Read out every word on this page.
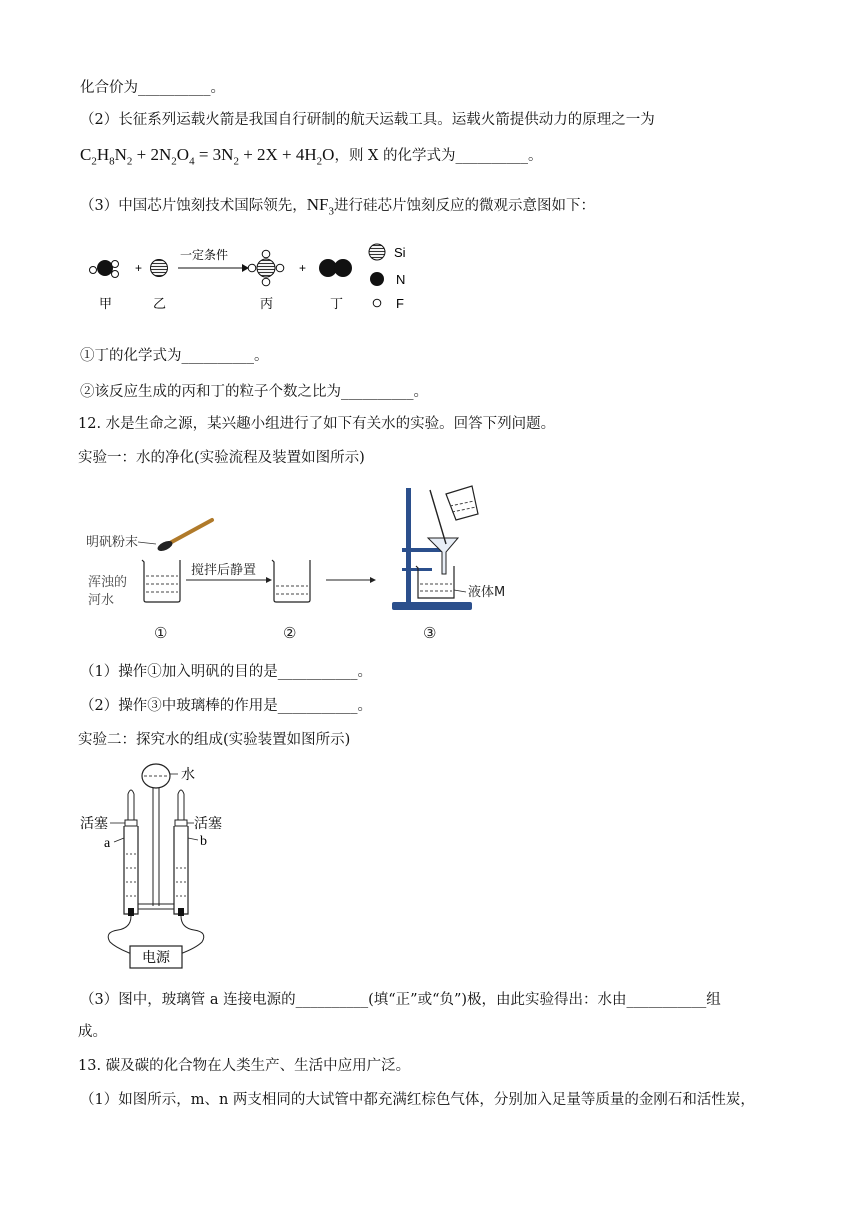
化合价为__________。
（2）长征系列运载火箭是我国自行研制的航天运载工具。运载火箭提供动力的原理之一为
$C_2H_8N_2 + 2N_2O_4 = 3N_2 + 2X + 4H_2O$，则 X 的化学式为__________。
（3）中国芯片蚀刻技术国际领先，$NF_3$进行硅芯片蚀刻反应的微观示意图如下：
+
一定条件
+
甲	乙	丙	丁
Si
N
F
①丁的化学式为__________。
②该反应生成的丙和丁的粒子个数之比为__________。
12. 水是生命之源，某兴趣小组进行了如下有关水的实验。回答下列问题。
实验一：水的净化(实验流程及装置如图所示)
明矾粉末
浑浊的
河水
搅拌后静置
液体M
①	②	③
（1）操作①加入明矾的目的是___________。
（2）操作③中玻璃棒的作用是___________。
实验二：探究水的组成(实验装置如图所示)
水
活塞	活塞
a	b
电源
（3）图中，玻璃管 a 连接电源的__________(填“正”或“负”)极，由此实验得出：水由___________组
成。
13. 碳及碳的化合物在人类生产、生活中应用广泛。
（1）如图所示，m、n 两支相同的大试管中都充满红棕色气体，分别加入足量等质量的金刚石和活性炭，
